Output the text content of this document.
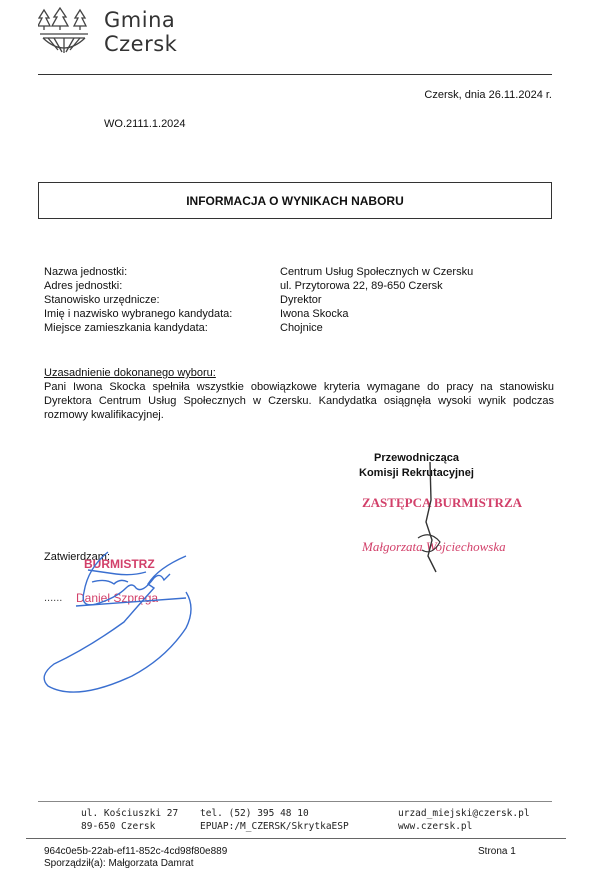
Gmina
Czersk
Czersk, dnia 26.11.2024 r.
WO.2111.1.2024
INFORMACJA O WYNIKACH NABORU
Nazwa jednostki:	Centrum Usług Społecznych w Czersku
Adres jednostki:	ul. Przytorowa 22, 89-650 Czersk
Stanowisko urzędnicze:	Dyrektor
Imię i nazwisko wybranego kandydata:	Iwona Skocka
Miejsce zamieszkania kandydata:	Chojnice
Uzasadnienie dokonanego wyboru:
Pani Iwona Skocka spełniła wszystkie obowiązkowe kryteria wymagane do pracy na stanowisku
Dyrektora Centrum Usług Społecznych w Czersku. Kandydatka osiągnęła wysoki wynik podczas
rozmowy kwalifikacyjnej.
Przewodnicząca
Komisji Rekrutacyjnej
ZASTĘPCA BURMISTRZA
Małgorzata Wojciechowska
Zatwierdzam:
BURMISTRZ
...... Daniel Szpręga
ul. Kościuszki 27
89-650 Czersk
tel. (52) 395 48 10
EPUAP:/M_CZERSK/SkrytkaESP
urzad_miejski@czersk.pl
www.czersk.pl
964c0e5b-22ab-ef11-852c-4cd98f80e889
Sporządził(a): Małgorzata Damrat
Strona 1
